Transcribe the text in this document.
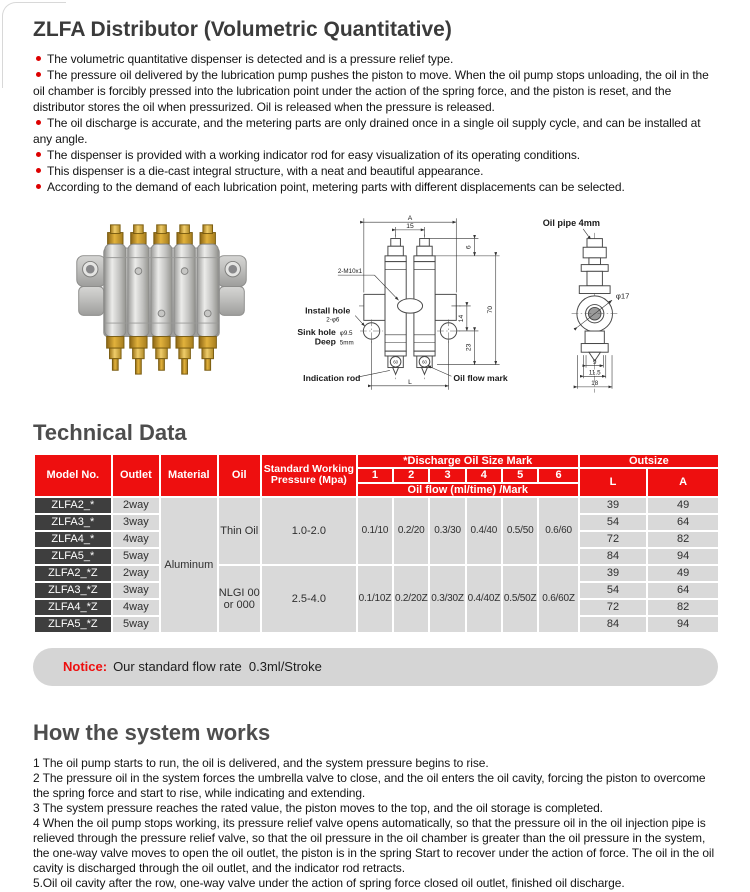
ZLFA Distributor (Volumetric Quantitative)

The volumetric quantitative dispenser is detected and is a pressure relief type.

The pressure oil delivered by the lubrication pump pushes the piston to move. When the oil pump stops unloading, the oil in the oil chamber is forcibly pressed into the lubrication point under the action of the spring force, and the piston is reset, and the distributor stores the oil when pressurized. Oil is released when the pressure is released.

The oil discharge is accurate, and the metering parts are only drained once in a single oil supply cycle, and can be installed at any angle.

The dispenser is provided with a working indicator rod for easy visualization of its operating conditions.

This dispenser is a die-cast integral structure, with a neat and beautiful appearance.

According to the demand of each lubrication point, metering parts with different displacements can be selected.

60	60
A
15
6
70
14
23
L
2-M10x1
Install hole
2-φ6
Sink hole φ9.5
Deep 5mm
Indication rod	Oil flow mark
Oil pipe 4mm
φ17
9
11.5
18
Technical Data
Model No.	Outlet	Material	Oil	Standard Working Pressure (Mpa)	*Discharge Oil Size Mark						Outsize	
					1	2	3	4	5	6	L	A
					Oil flow (ml/time) /Mark							
ZLFA2_*	2way	Aluminum	Thin Oil	1.0-2.0	0.1/10	0.2/20	0.3/30	0.4/40	0.5/50	0.6/60	39	49
ZLFA3_*	3way										54	64
ZLFA4_*	4way										72	82
ZLFA5_*	5way										84	94
ZLFA2_*Z	2way		NLGI 00 or 000	2.5-4.0	0.1/10Z	0.2/20Z	0.3/30Z	0.4/40Z	0.5/50Z	0.6/60Z	39	49
ZLFA3_*Z	3way										54	64
ZLFA4_*Z	4way										72	82
ZLFA5_*Z	5way										84	94
Notice: Our standard flow rate  0.3ml/Stroke
How the system works

1 The oil pump starts to run, the oil is delivered, and the system pressure begins to rise.

2 The pressure oil in the system forces the umbrella valve to close, and the oil enters the oil cavity, forcing the piston to overcome the spring force and start to rise, while indicating and extending.

3 The system pressure reaches the rated value, the piston moves to the top, and the oil storage is completed.

4 When the oil pump stops working, its pressure relief valve opens automatically, so that the pressure oil in the oil injection pipe is relieved through the pressure relief valve, so that the oil pressure in the oil chamber is greater than the oil pressure in the system, the one-way valve moves to open the oil outlet, the piston is in the spring Start to recover under the action of force. The oil in the oil cavity is discharged through the oil outlet, and the indicator rod retracts.

5.Oil oil cavity after the row, one-way valve under the action of spring force closed oil outlet, finished oil discharge.
